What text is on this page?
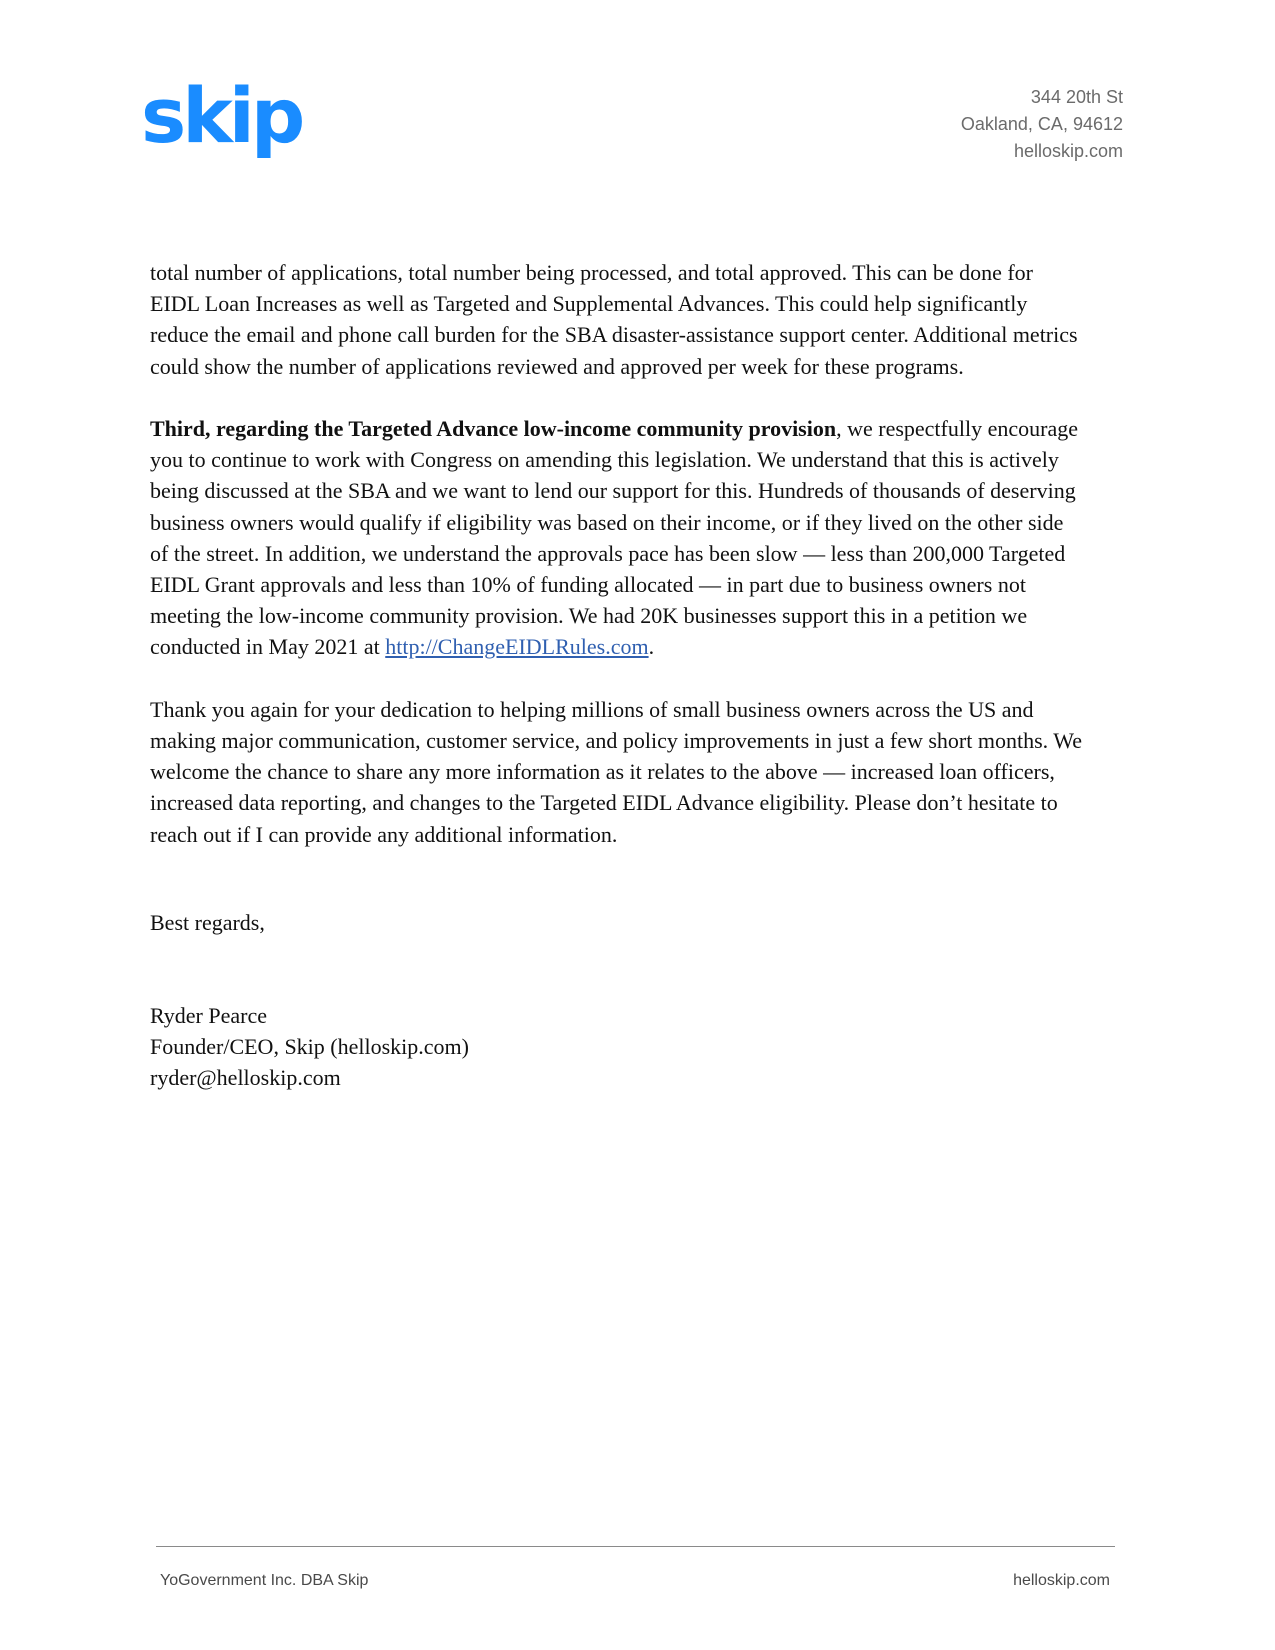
skip	344 20th St
Oakland, CA, 94612
helloskip.com

total number of applications, total number being processed, and total approved. This can be done for
EIDL Loan Increases as well as Targeted and Supplemental Advances. This could help significantly
reduce the email and phone call burden for the SBA disaster-assistance support center. Additional metrics
could show the number of applications reviewed and approved per week for these programs.

Third, regarding the Targeted Advance low-income community provision, we respectfully encourage
you to continue to work with Congress on amending this legislation. We understand that this is actively
being discussed at the SBA and we want to lend our support for this. Hundreds of thousands of deserving
business owners would qualify if eligibility was based on their income, or if they lived on the other side
of the street. In addition, we understand the approvals pace has been slow — less than 200,000 Targeted
EIDL Grant approvals and less than 10% of funding allocated — in part due to business owners not
meeting the low-income community provision. We had 20K businesses support this in a petition we
conducted in May 2021 at http://ChangeEIDLRules.com.

Thank you again for your dedication to helping millions of small business owners across the US and
making major communication, customer service, and policy improvements in just a few short months. We
welcome the chance to share any more information as it relates to the above — increased loan officers,
increased data reporting, and changes to the Targeted EIDL Advance eligibility. Please don’t hesitate to
reach out if I can provide any additional information.

Best regards,
Ryder Pearce
Founder/CEO, Skip (helloskip.com)
ryder@helloskip.com
YoGovernment Inc. DBA Skip	helloskip.com
